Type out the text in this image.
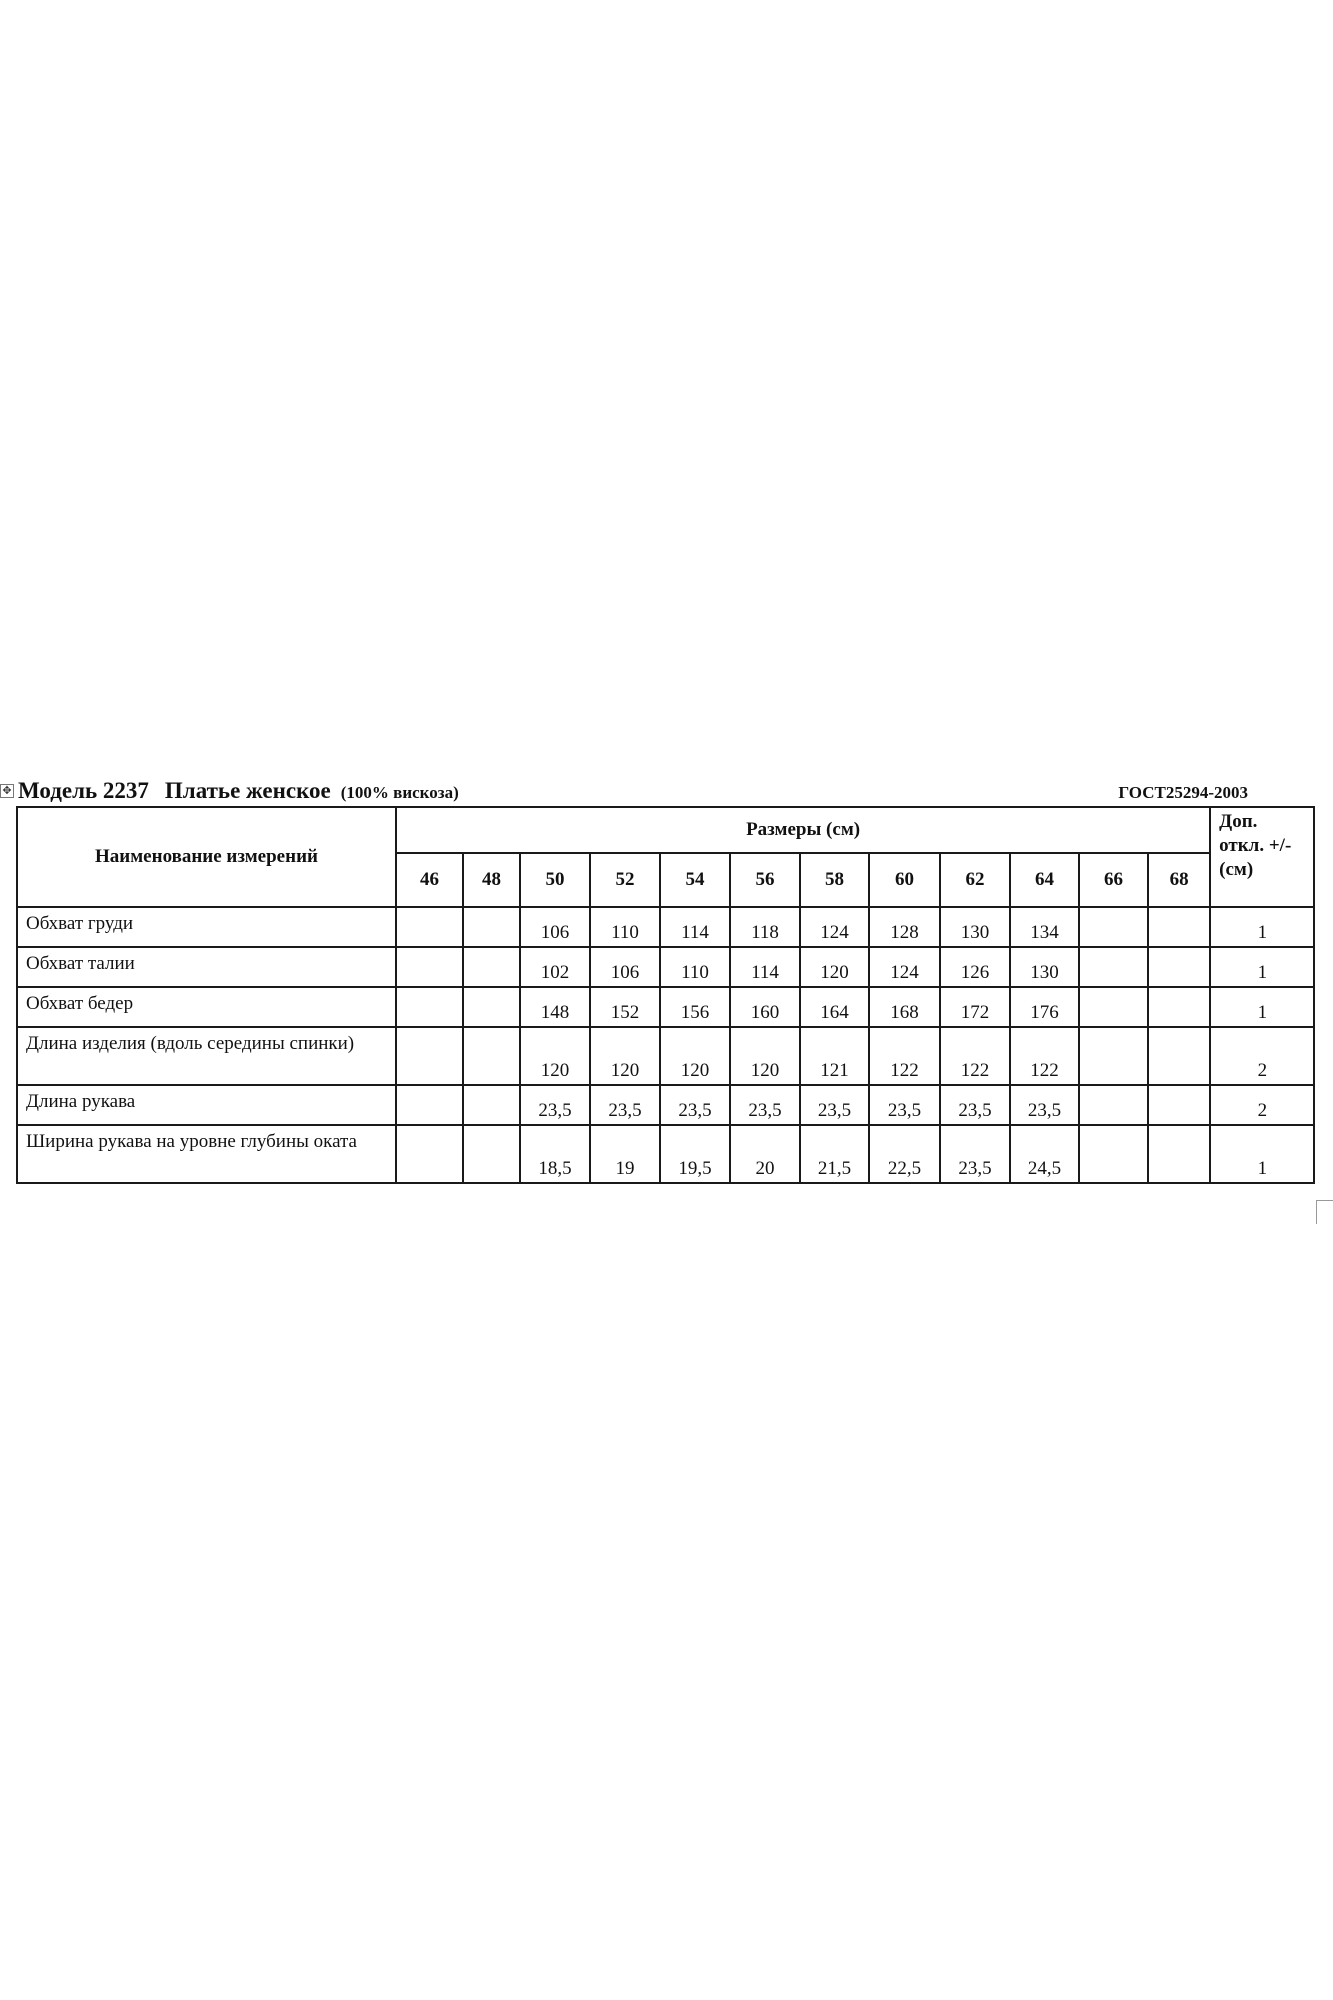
✥ Модель 2237 Платье женское (100% вискоза)	ГОСТ25294-2003
Наименование измерений	Размеры (см)												Доп.
откл. +/-
(см)

	46	48	50	52	54	56	58	60	62	64	66	68	
Обхват груди			106	110	114	118	124	128	130	134			1
Обхват талии			102	106	110	114	120	124	126	130			1
Обхват бедер			148	152	156	160	164	168	172	176			1
Длина изделия (вдоль середины спинки)			120	120	120	120	121	122	122	122			2
Длина рукава			23,5	23,5	23,5	23,5	23,5	23,5	23,5	23,5			2
Ширина рукава на уровне глубины оката			18,5	19	19,5	20	21,5	22,5	23,5	24,5			1
